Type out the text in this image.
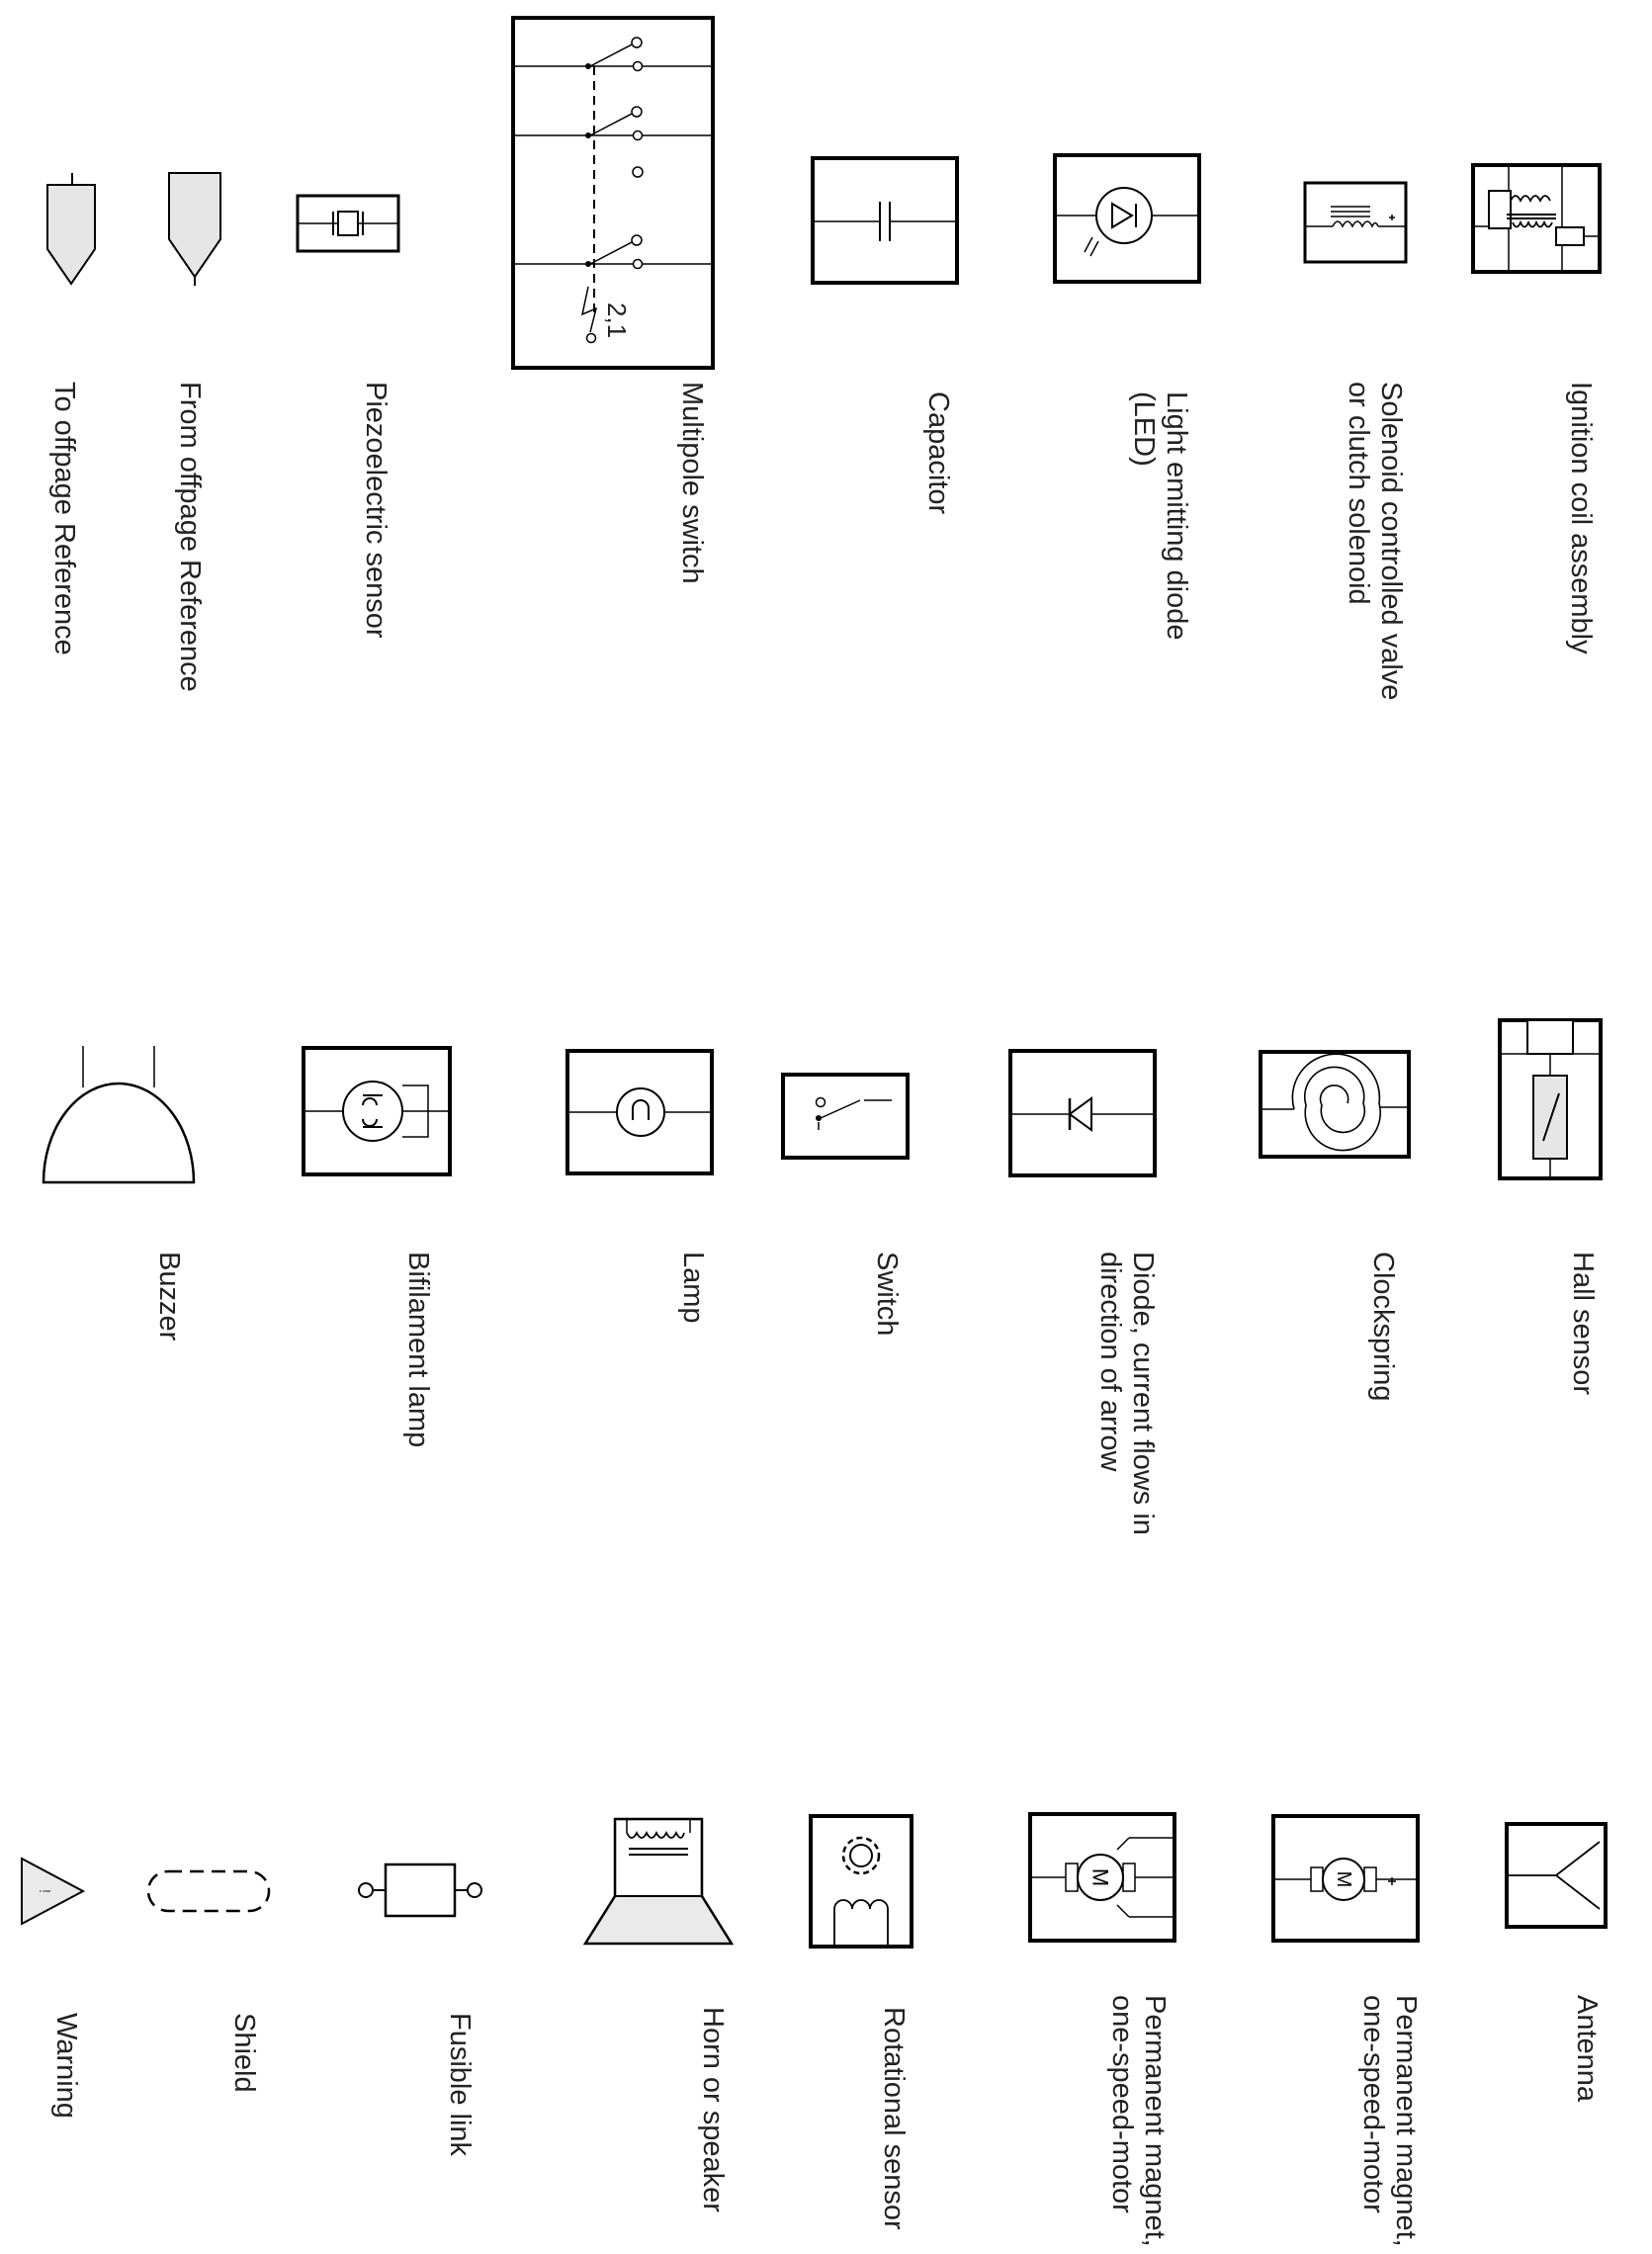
To offpage Reference	From offpage Reference	Piezoelectric sensor
2,1
Multipole switch	Capacitor	Light emitting diode
(LED)	Solenoid controlled valve
or clutch solenoid	Ignition coil assembly
Buzzer	Bifilament lamp	Lamp	Switch	Diode, current flows in
direction of arrow	Clockspring	Hall sensor
!
Warning	Shield	Fusible link	Horn or speaker	Rotational sensor
M
Permanent magnet,
one-speed-motor
M
Permanent magnet,
one-speed-motor	Antenna
